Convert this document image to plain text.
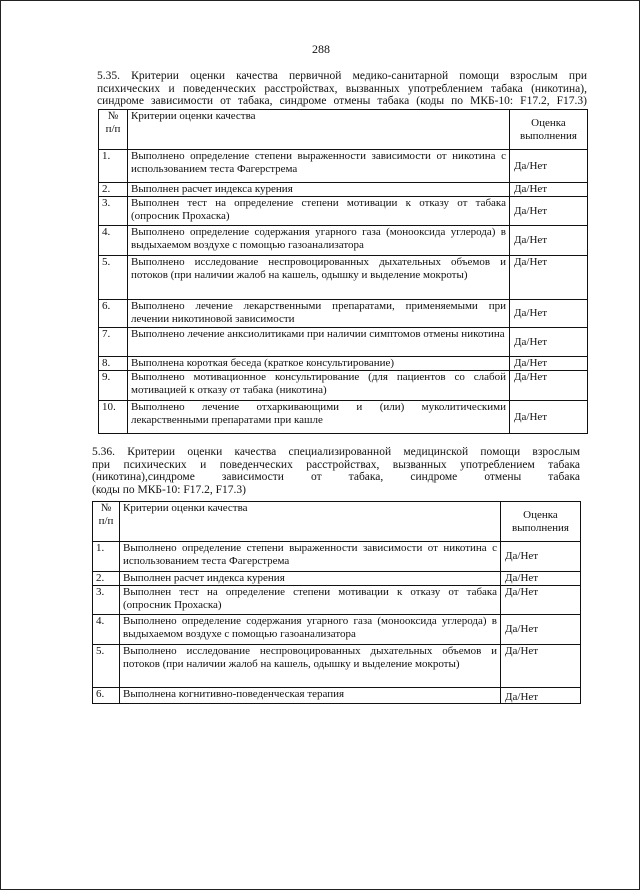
288
5.35. Критерии оценки качества первичной медико-санитарной помощи взрослым при
психических и поведенческих расстройствах, вызванных употреблением табака (никотина),
синдроме зависимости от табака, синдроме отмены табака (коды по МКБ-10: F17.2, F17.3)
№ п/п	Критерии оценки качества	Оценка выполнения
1.	Выполнено определение степени выраженности зависимости от никотина с использованием теста Фагерстрема	Да/Нет
2.	Выполнен расчет индекса курения	Да/Нет
3.	Выполнен тест на определение степени мотивации к отказу от табака (опросник Прохаска)	Да/Нет
4.	Выполнено определение содержания угарного газа (монооксида углерода) в выдыхаемом воздухе с помощью газоанализатора	Да/Нет
5.	Выполнено исследование неспровоцированных дыхательных объемов и потоков (при наличии жалоб на кашель, одышку и выделение мокроты)	Да/Нет
6.	Выполнено лечение лекарственными препаратами, применяемыми при лечении никотиновой зависимости	Да/Нет
7.	Выполнено лечение анксиолитиками при наличии симптомов отмены никотина	Да/Нет
8.	Выполнена короткая беседа (краткое консультирование)	Да/Нет
9.	Выполнено мотивационное консультирование (для пациентов со слабой мотивацией к отказу от табака (никотина)	Да/Нет
10.	Выполнено лечение отхаркивающими и (или) муколитическими лекарственными препаратами при кашле	Да/Нет
5.36. Критерии оценки качества специализированной медицинской помощи взрослым
при психических и поведенческих расстройствах, вызванных употреблением табака
(никотина),синдроме зависимости от табака, синдроме отмены табака
(коды по МКБ-10: F17.2, F17.3)
№ п/п	Критерии оценки качества	Оценка выполнения
1.	Выполнено определение степени выраженности зависимости от никотина с использованием теста Фагерстрема	Да/Нет
2.	Выполнен расчет индекса курения	Да/Нет
3.	Выполнен тест на определение степени мотивации к отказу от табака (опросник Прохаска)	Да/Нет
4.	Выполнено определение содержания угарного газа (монооксида углерода) в выдыхаемом воздухе с помощью газоанализатора	Да/Нет
5.	Выполнено исследование неспровоцированных дыхательных объемов и потоков (при наличии жалоб на кашель, одышку и выделение мокроты)	Да/Нет
6.	Выполнена когнитивно-поведенческая терапия	Да/Нет
